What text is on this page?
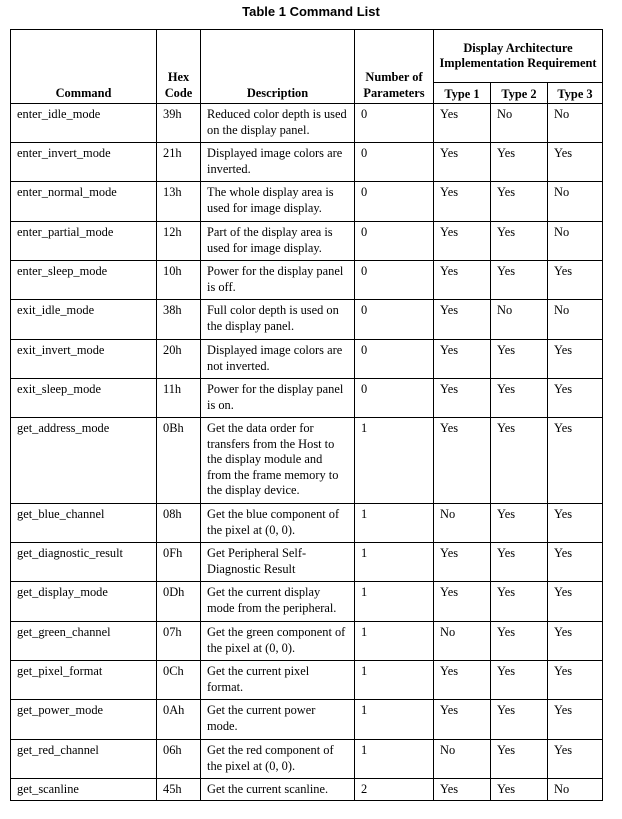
Table 1 Command List
Command	Hex Code	Description	Number of Parameters	Display Architecture Implementation Requirement		
				Type 1	Type 2	Type 3
enter_idle_mode	39h	Reduced color depth is used on the display panel.	0	Yes	No	No
enter_invert_mode	21h	Displayed image colors are inverted.	0	Yes	Yes	Yes
enter_normal_mode	13h	The whole display area is used for image display.	0	Yes	Yes	No
enter_partial_mode	12h	Part of the display area is used for image display.	0	Yes	Yes	No
enter_sleep_mode	10h	Power for the display panel is off.	0	Yes	Yes	Yes
exit_idle_mode	38h	Full color depth is used on the display panel.	0	Yes	No	No
exit_invert_mode	20h	Displayed image colors are not inverted.	0	Yes	Yes	Yes
exit_sleep_mode	11h	Power for the display panel is on.	0	Yes	Yes	Yes
get_address_mode	0Bh	Get the data order for transfers from the Host to the display module and from the frame memory to the display device.	1	Yes	Yes	Yes
get_blue_channel	08h	Get the blue component of the pixel at (0, 0).	1	No	Yes	Yes
get_diagnostic_result	0Fh	Get Peripheral Self-Diagnostic Result	1	Yes	Yes	Yes
get_display_mode	0Dh	Get the current display mode from the peripheral.	1	Yes	Yes	Yes
get_green_channel	07h	Get the green component of the pixel at (0, 0).	1	No	Yes	Yes
get_pixel_format	0Ch	Get the current pixel format.	1	Yes	Yes	Yes
get_power_mode	0Ah	Get the current power mode.	1	Yes	Yes	Yes
get_red_channel	06h	Get the red component of the pixel at (0, 0).	1	No	Yes	Yes
get_scanline	45h	Get the current scanline.	2	Yes	Yes	No
